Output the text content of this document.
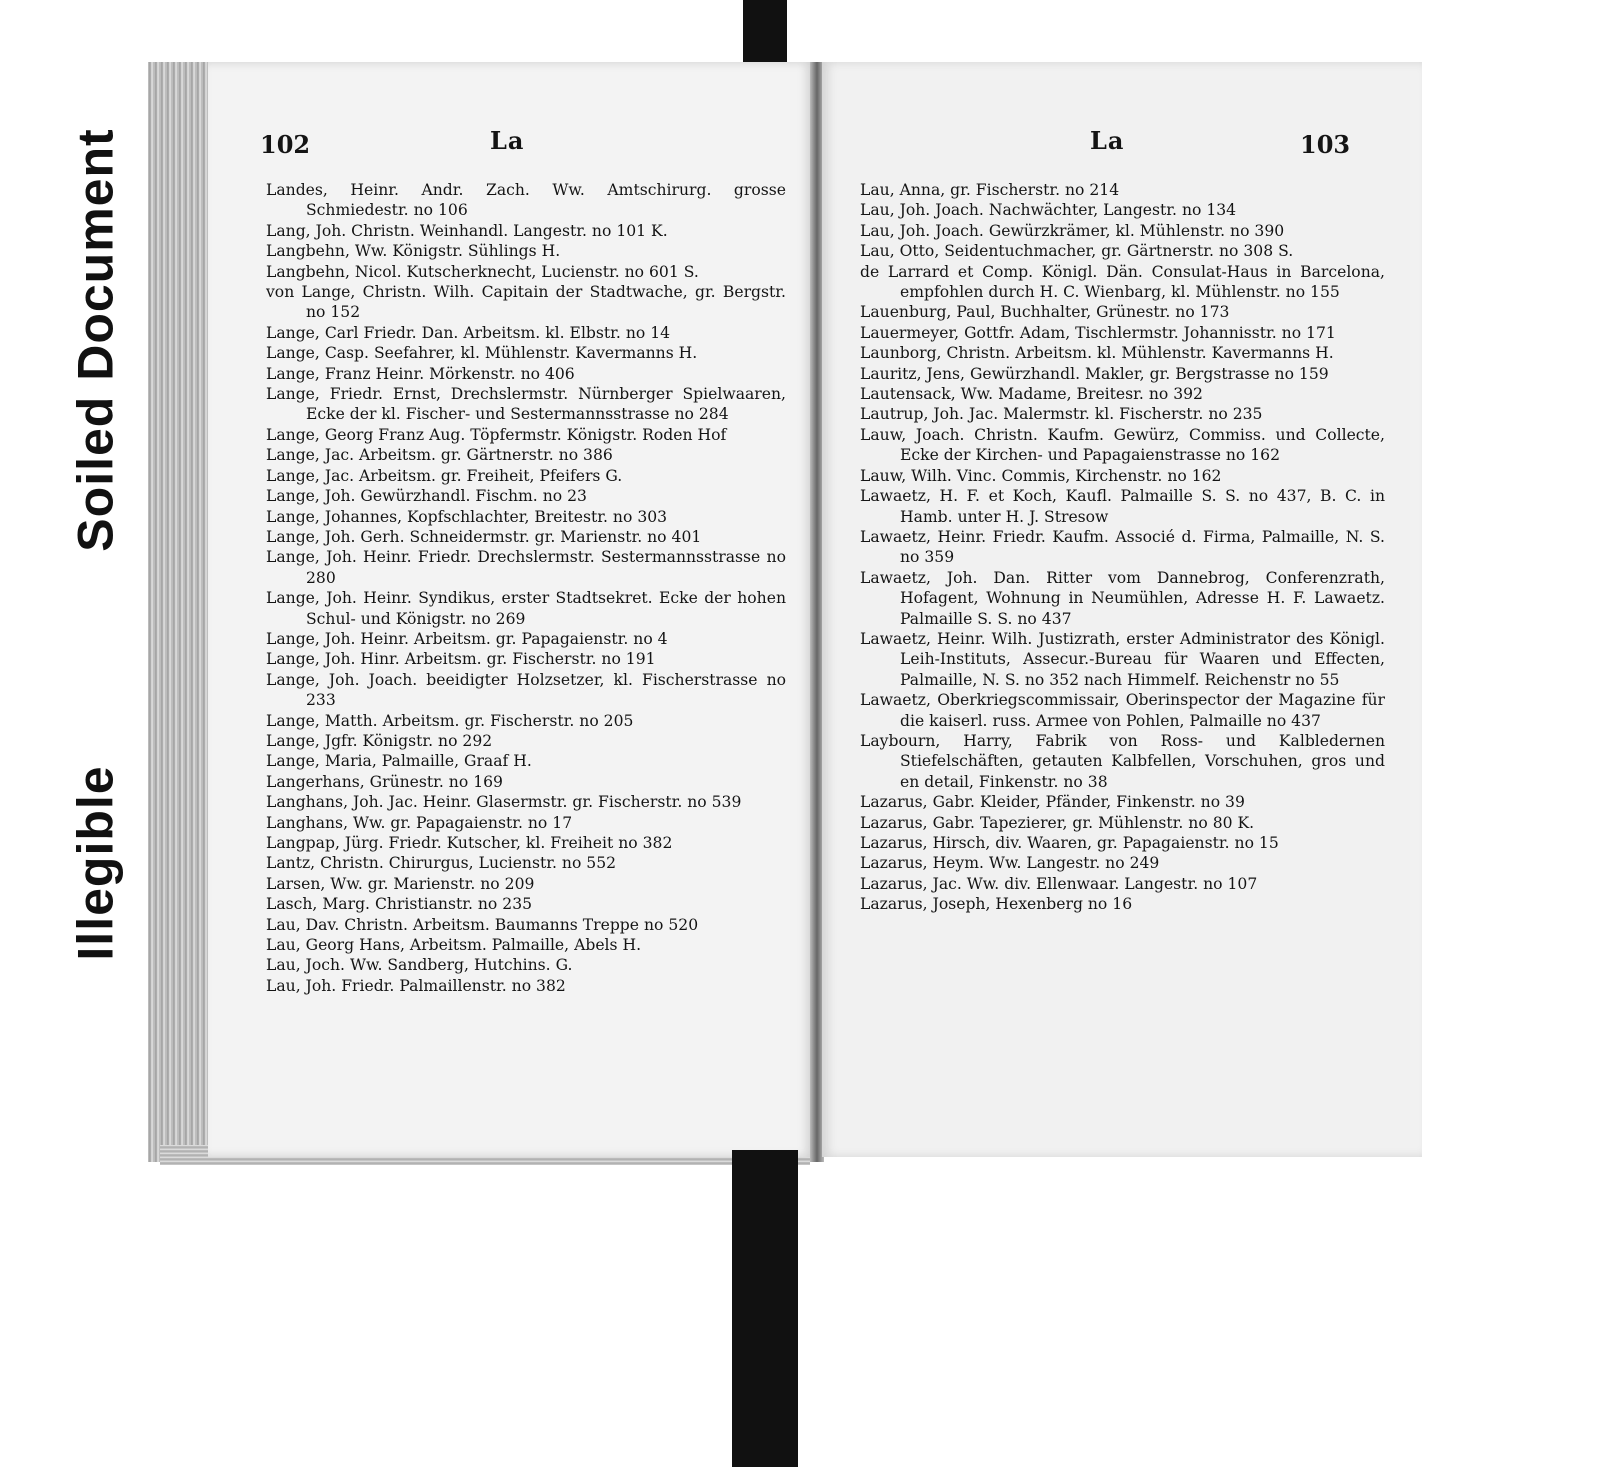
Soiled Document
Illegible
102	La
Landes, Heinr. Andr. Zach. Ww. Amtschirurg. grosse Schmiedestr. no 106
Lang, Joh. Christn. Weinhandl. Langestr. no 101 K.
Langbehn, Ww. Königstr. Sühlings H.
Langbehn, Nicol. Kutscherknecht, Lucienstr. no 601 S.
von Lange, Christn. Wilh. Capitain der Stadtwache, gr. Bergstr. no 152
Lange, Carl Friedr. Dan. Arbeitsm. kl. Elbstr. no 14
Lange, Casp. Seefahrer, kl. Mühlenstr. Kavermanns H.
Lange, Franz Heinr. Mörkenstr. no 406
Lange, Friedr. Ernst, Drechslermstr. Nürnberger Spielwaaren, Ecke der kl. Fischer- und Sestermannsstrasse no 284
Lange, Georg Franz Aug. Töpfermstr. Königstr. Roden Hof
Lange, Jac. Arbeitsm. gr. Gärtnerstr. no 386
Lange, Jac. Arbeitsm. gr. Freiheit, Pfeifers G.
Lange, Joh. Gewürzhandl. Fischm. no 23
Lange, Johannes, Kopfschlachter, Breitestr. no 303
Lange, Joh. Gerh. Schneidermstr. gr. Marienstr. no 401
Lange, Joh. Heinr. Friedr. Drechslermstr. Sestermannsstrasse no 280
Lange, Joh. Heinr. Syndikus, erster Stadtsekret. Ecke der hohen Schul- und Königstr. no 269
Lange, Joh. Heinr. Arbeitsm. gr. Papagaienstr. no 4
Lange, Joh. Hinr. Arbeitsm. gr. Fischerstr. no 191
Lange, Joh. Joach. beeidigter Holzsetzer, kl. Fischerstrasse no 233
Lange, Matth. Arbeitsm. gr. Fischerstr. no 205
Lange, Jgfr. Königstr. no 292
Lange, Maria, Palmaille, Graaf H.
Langerhans, Grünestr. no 169
Langhans, Joh. Jac. Heinr. Glasermstr. gr. Fischerstr. no 539
Langhans, Ww. gr. Papagaienstr. no 17
Langpap, Jürg. Friedr. Kutscher, kl. Freiheit no 382
Lantz, Christn. Chirurgus, Lucienstr. no 552
Larsen, Ww. gr. Marienstr. no 209
Lasch, Marg. Christianstr. no 235
Lau, Dav. Christn. Arbeitsm. Baumanns Treppe no 520
Lau, Georg Hans, Arbeitsm. Palmaille, Abels H.
Lau, Joch. Ww. Sandberg, Hutchins. G.
Lau, Joh. Friedr. Palmaillenstr. no 382
La	103
Lau, Anna, gr. Fischerstr. no 214
Lau, Joh. Joach. Nachwächter, Langestr. no 134
Lau, Joh. Joach. Gewürzkrämer, kl. Mühlenstr. no 390
Lau, Otto, Seidentuchmacher, gr. Gärtnerstr. no 308 S.
de Larrard et Comp. Königl. Dän. Consulat-Haus in Barcelona, empfohlen durch H. C. Wienbarg, kl. Mühlenstr. no 155
Lauenburg, Paul, Buchhalter, Grünestr. no 173
Lauermeyer, Gottfr. Adam, Tischlermstr. Johannisstr. no 171
Launborg, Christn. Arbeitsm. kl. Mühlenstr. Kavermanns H.
Lauritz, Jens, Gewürzhandl. Makler, gr. Bergstrasse no 159
Lautensack, Ww. Madame, Breitesr. no 392
Lautrup, Joh. Jac. Malermstr. kl. Fischerstr. no 235
Lauw, Joach. Christn. Kaufm. Gewürz, Commiss. und Collecte, Ecke der Kirchen- und Papagaienstrasse no 162
Lauw, Wilh. Vinc. Commis, Kirchenstr. no 162
Lawaetz, H. F. et Koch, Kaufl. Palmaille S. S. no 437, B. C. in Hamb. unter H. J. Stresow
Lawaetz, Heinr. Friedr. Kaufm. Associé d. Firma, Palmaille, N. S. no 359
Lawaetz, Joh. Dan. Ritter vom Dannebrog, Conferenzrath, Hofagent, Wohnung in Neumühlen, Adresse H. F. Lawaetz. Palmaille S. S. no 437
Lawaetz, Heinr. Wilh. Justizrath, erster Administrator des Königl. Leih-Instituts, Assecur.-Bureau für Waaren und Effecten, Palmaille, N. S. no 352 nach Himmelf. Reichenstr no 55
Lawaetz, Oberkriegscommissair, Oberinspector der Magazine für die kaiserl. russ. Armee von Pohlen, Palmaille no 437
Laybourn, Harry, Fabrik von Ross- und Kalbledernen Stiefelschäften, getauten Kalbfellen, Vorschuhen, gros und en detail, Finkenstr. no 38
Lazarus, Gabr. Kleider, Pfänder, Finkenstr. no 39
Lazarus, Gabr. Tapezierer, gr. Mühlenstr. no 80 K.
Lazarus, Hirsch, div. Waaren, gr. Papagaienstr. no 15
Lazarus, Heym. Ww. Langestr. no 249
Lazarus, Jac. Ww. div. Ellenwaar. Langestr. no 107
Lazarus, Joseph, Hexenberg no 16
